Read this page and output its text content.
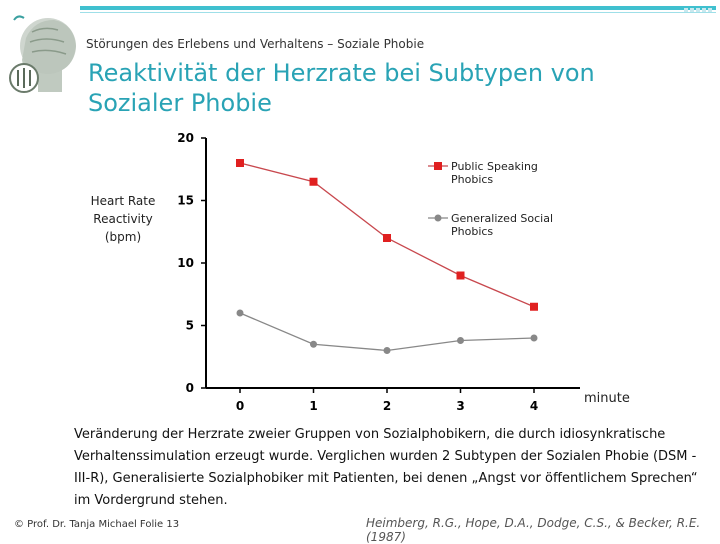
Störungen des Erlebens und Verhaltens – Soziale Phobie
Reaktivität der Herzrate bei Subtypen von Sozialer Phobie
Heart Rate Reactivity (bpm)
minute
0
5
10
15
20
0	1	2	3	4
Public Speaking Phobics
Generalized Social Phobics
Veränderung der Herzrate zweier Gruppen von Sozialphobikern, die durch idiosynkratische Verhaltenssimulation erzeugt wurde. Verglichen wurden 2 Subtypen der Sozialen Phobie (DSM -III-R), Generalisierte Sozialphobiker mit Patienten, bei denen „Angst vor öffentlichem Sprechen“ im Vordergrund stehen.
© Prof. Dr. Tanja Michael Folie 13	Heimberg, R.G., Hope, D.A., Dodge, C.S., & Becker, R.E. (1987)
